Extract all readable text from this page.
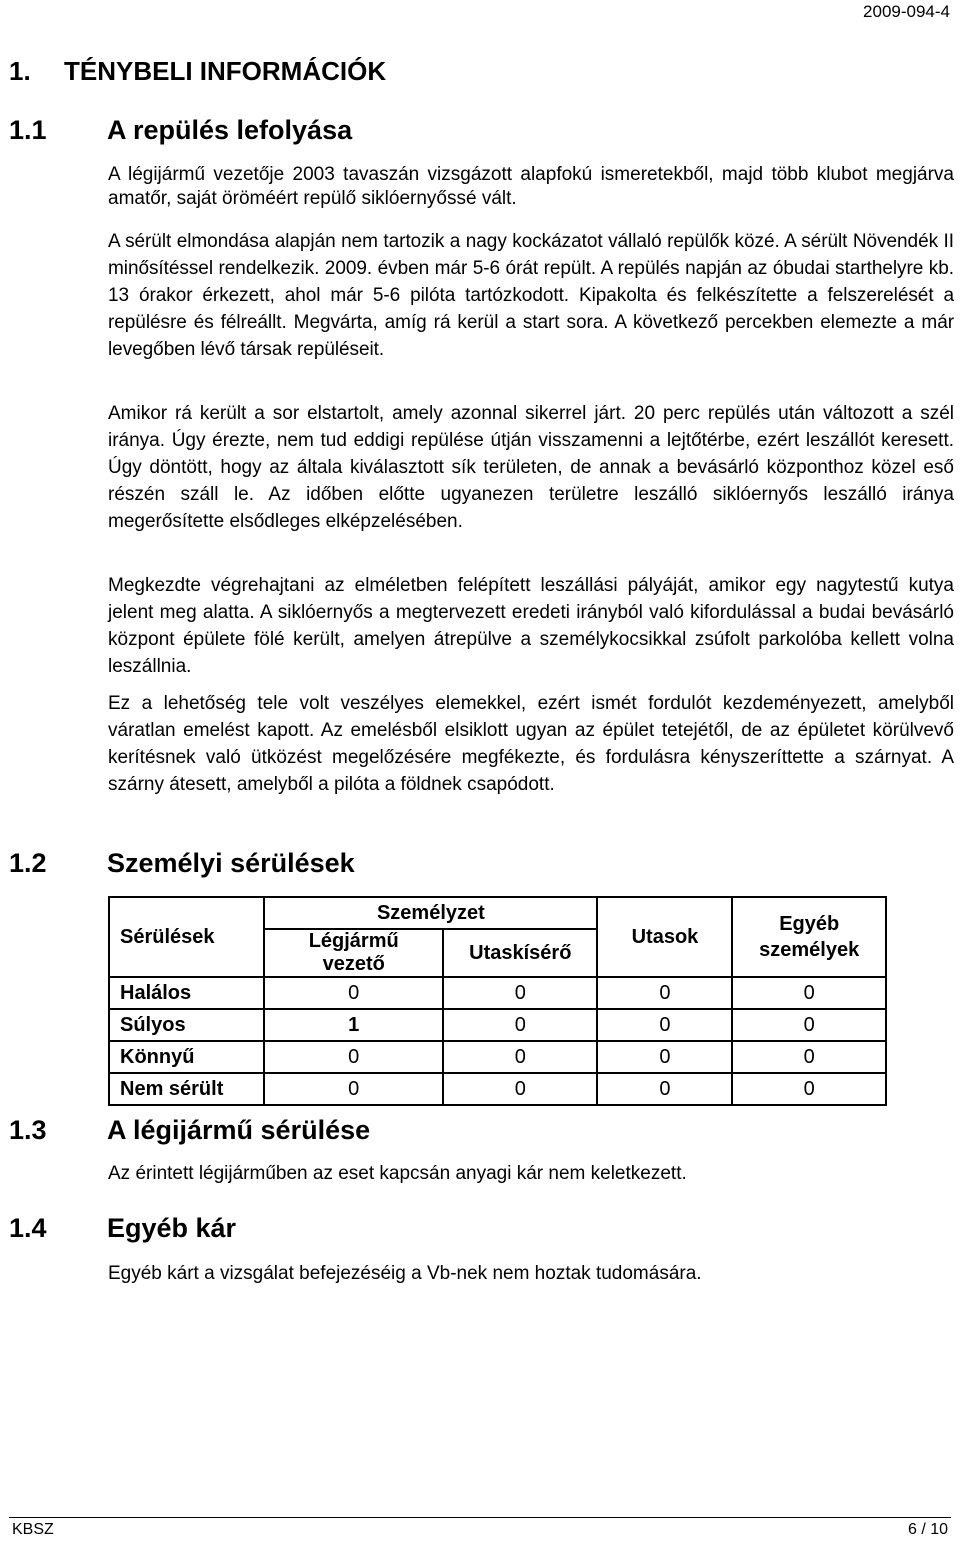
2009-094-4
1. TÉNYBELI INFORMÁCIÓK
1.1 A repülés lefolyása

A légijármű vezetője 2003 tavaszán vizsgázott alapfokú ismeretekből, majd több klubot megjárva amatőr, saját öröméért repülő siklóernyőssé vált.

A sérült elmondása alapján nem tartozik a nagy kockázatot vállaló repülők közé. A sérült Növendék II minősítéssel rendelkezik. 2009. évben már 5-6 órát repült. A repülés napján az óbudai starthelyre kb. 13 órakor érkezett, ahol már 5-6 pilóta tartózkodott. Kipakolta és felkészítette a felszerelését a repülésre és félreállt. Megvárta, amíg rá kerül a start sora. A következő percekben elemezte a már levegőben lévő társak repüléseit.

Amikor rá került a sor elstartolt, amely azonnal sikerrel járt. 20 perc repülés után változott a szél iránya. Úgy érezte, nem tud eddigi repülése útján visszamenni a lejtőtérbe, ezért leszállót keresett. Úgy döntött, hogy az általa kiválasztott sík területen, de annak a bevásárló központhoz közel eső részén száll le. Az időben előtte ugyanezen területre leszálló siklóernyős leszálló iránya megerősítette elsődleges elképzelésében.

Megkezdte végrehajtani az elméletben felépített leszállási pályáját, amikor egy nagytestű kutya jelent meg alatta. A siklóernyős a megtervezett eredeti irányból való kifordulással a budai bevásárló központ épülete fölé került, amelyen átrepülve a személykocsikkal zsúfolt parkolóba kellett volna leszállnia.

Ez a lehetőség tele volt veszélyes elemekkel, ezért ismét fordulót kezdeményezett, amelyből váratlan emelést kapott. Az emelésből elsiklott ugyan az épület tetejétől, de az épületet körülvevő kerítésnek való ütközést megelőzésére megfékezte, és fordulásra kényszeríttette a szárnyat. A szárny átesett, amelyből a pilóta a földnek csapódott.

1.2 Személyi sérülések
Sérülések	Személyzet		Utasok	Egyéb személyek
	Légjármű vezető	Utaskísérő		
Halálos	0	0	0	0
Súlyos	1	0	0	0
Könnyű	0	0	0	0
Nem sérült	0	0	0	0
1.3 A légijármű sérülése

Az érintett légijárműben az eset kapcsán anyagi kár nem keletkezett.

1.4 Egyéb kár

Egyéb kárt a vizsgálat befejezéséig a Vb-nek nem hoztak tudomására.

KBSZ	6 / 10
